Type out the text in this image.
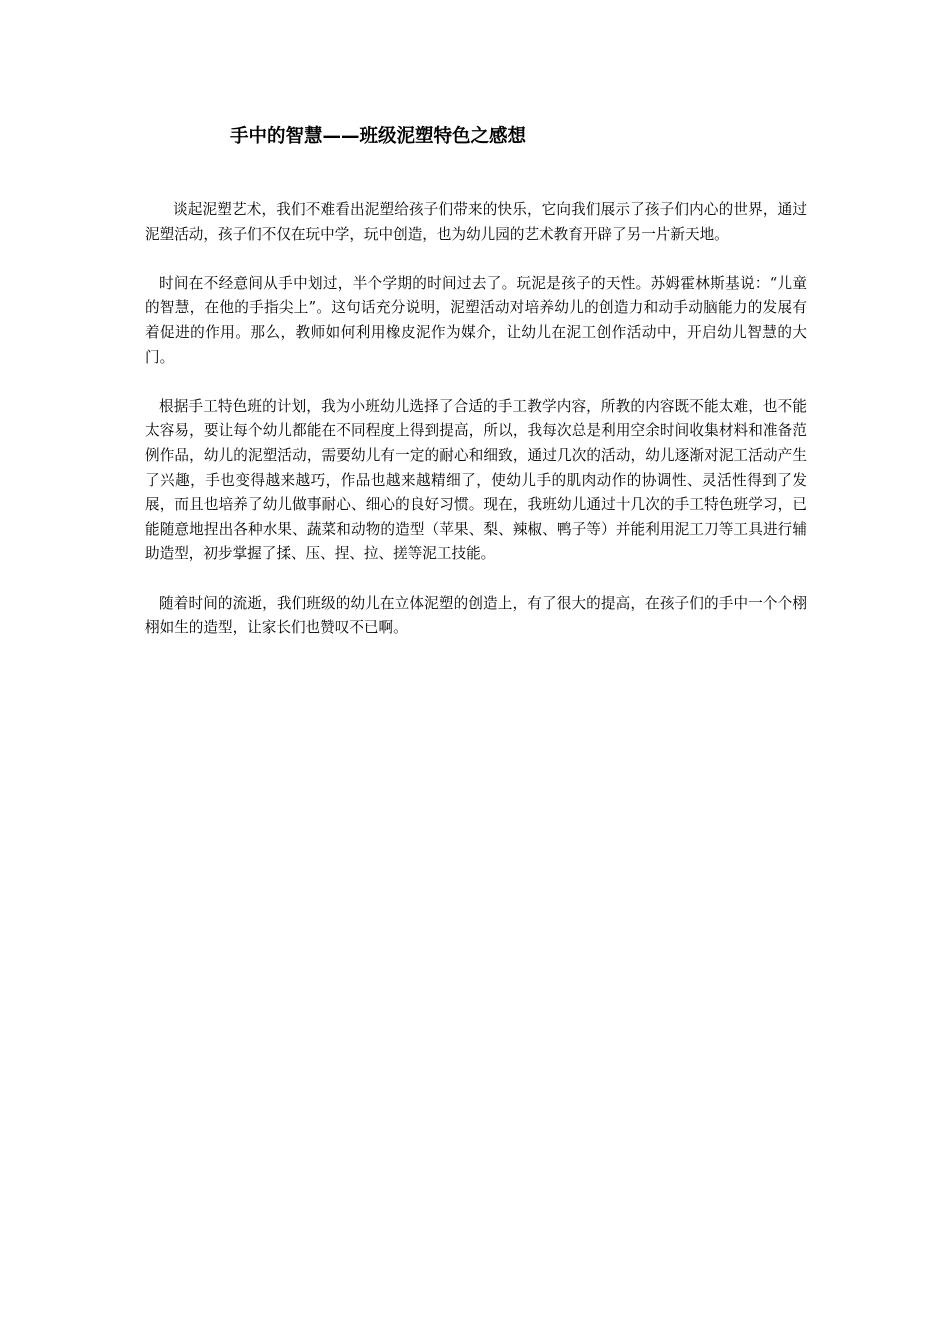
手中的智慧——班级泥塑特色之感想

谈起泥塑艺术，我们不难看出泥塑给孩子们带来的快乐，它向我们展示了孩子们内心的世界，通过泥塑活动，孩子们不仅在玩中学，玩中创造，也为幼儿园的艺术教育开辟了另一片新天地。

时间在不经意间从手中划过，半个学期的时间过去了。玩泥是孩子的天性。苏姆霍林斯基说：“儿童的智慧，在他的手指尖上”。这句话充分说明，泥塑活动对培养幼儿的创造力和动手动脑能力的发展有着促进的作用。那么，教师如何利用橡皮泥作为媒介，让幼儿在泥工创作活动中，开启幼儿智慧的大门。

根据手工特色班的计划，我为小班幼儿选择了合适的手工教学内容，所教的内容既不能太难，也不能太容易，要让每个幼儿都能在不同程度上得到提高，所以，我每次总是利用空余时间收集材料和准备范例作品，幼儿的泥塑活动，需要幼儿有一定的耐心和细致，通过几次的活动，幼儿逐渐对泥工活动产生了兴趣，手也变得越来越巧，作品也越来越精细了，使幼儿手的肌肉动作的协调性、灵活性得到了发展，而且也培养了幼儿做事耐心、细心的良好习惯。现在，我班幼儿通过十几次的手工特色班学习，已能随意地捏出各种水果、蔬菜和动物的造型（苹果、梨、辣椒、鸭子等）并能利用泥工刀等工具进行辅助造型，初步掌握了揉、压、捏、拉、搓等泥工技能。

随着时间的流逝，我们班级的幼儿在立体泥塑的创造上，有了很大的提高，在孩子们的手中一个个栩栩如生的造型，让家长们也赞叹不已啊。
